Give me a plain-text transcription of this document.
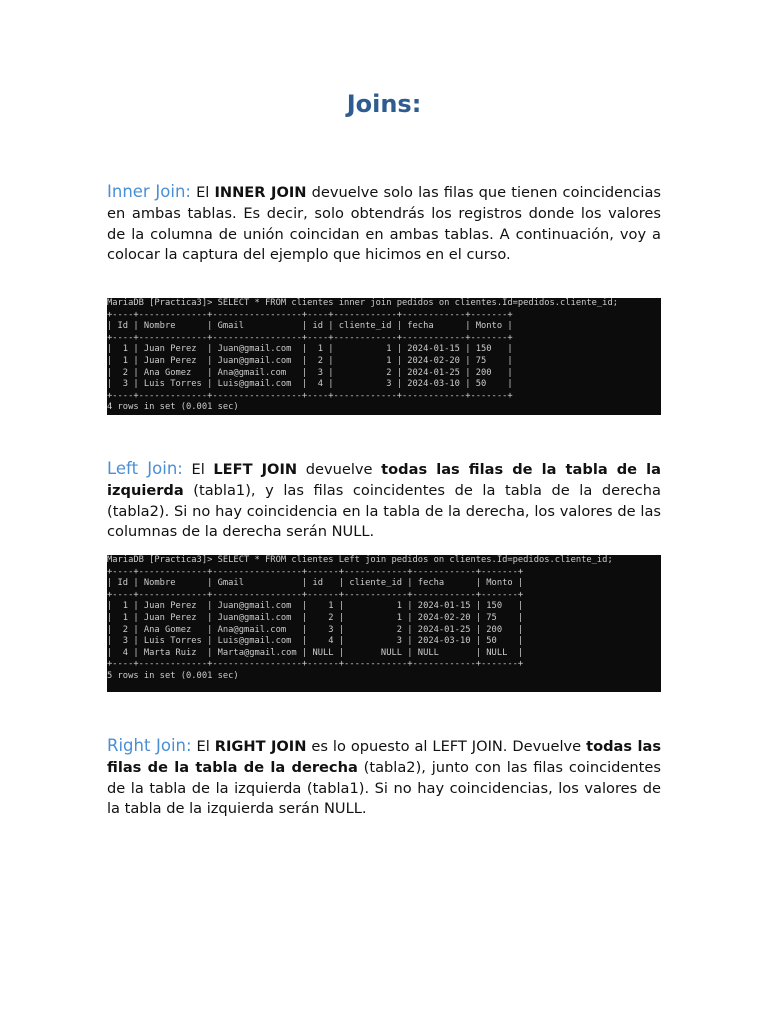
Joins:

Inner Join: El INNER JOIN devuelve solo las filas que tienen coincidencias en ambas tablas. Es decir, solo obtendrás los registros donde los valores de la columna de unión coincidan en ambas tablas. A continuación, voy a colocar la captura del ejemplo que hicimos en el curso.

MariaDB [Practica3]> SELECT * FROM clientes inner join pedidos on clientes.Id=pedidos.cliente_id;
+----+-------------+-----------------+----+------------+------------+-------+
| Id | Nombre      | Gmail           | id | cliente_id | fecha      | Monto |
+----+-------------+-----------------+----+------------+------------+-------+
|  1 | Juan Perez  | Juan@gmail.com  |  1 |          1 | 2024-01-15 | 150   |
|  1 | Juan Perez  | Juan@gmail.com  |  2 |          1 | 2024-02-20 | 75    |
|  2 | Ana Gomez   | Ana@gmail.com   |  3 |          2 | 2024-01-25 | 200   |
|  3 | Luis Torres | Luis@gmail.com  |  4 |          3 | 2024-03-10 | 50    |
+----+-------------+-----------------+----+------------+------------+-------+
4 rows in set (0.001 sec)

Left Join: El LEFT JOIN devuelve todas las filas de la tabla de la izquierda (tabla1), y las filas coincidentes de la tabla de la derecha (tabla2). Si no hay coincidencia en la tabla de la derecha, los valores de las columnas de la derecha serán NULL.

MariaDB [Practica3]> SELECT * FROM clientes Left join pedidos on clientes.Id=pedidos.cliente_id;
+----+-------------+-----------------+------+------------+------------+-------+
| Id | Nombre      | Gmail           | id   | cliente_id | fecha      | Monto |
+----+-------------+-----------------+------+------------+------------+-------+
|  1 | Juan Perez  | Juan@gmail.com  |    1 |          1 | 2024-01-15 | 150   |
|  1 | Juan Perez  | Juan@gmail.com  |    2 |          1 | 2024-02-20 | 75    |
|  2 | Ana Gomez   | Ana@gmail.com   |    3 |          2 | 2024-01-25 | 200   |
|  3 | Luis Torres | Luis@gmail.com  |    4 |          3 | 2024-03-10 | 50    |
|  4 | Marta Ruiz  | Marta@gmail.com | NULL |       NULL | NULL       | NULL  |
+----+-------------+-----------------+------+------------+------------+-------+
5 rows in set (0.001 sec)

Right Join: El RIGHT JOIN es lo opuesto al LEFT JOIN. Devuelve todas las filas de la tabla de la derecha (tabla2), junto con las filas coincidentes de la tabla de la izquierda (tabla1). Si no hay coincidencias, los valores de la tabla de la izquierda serán NULL.
